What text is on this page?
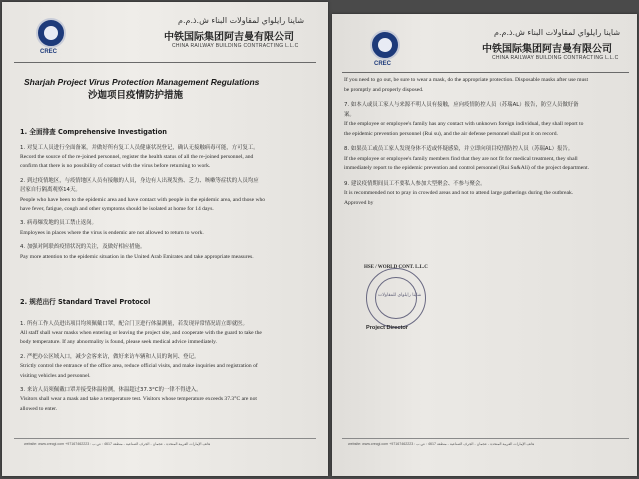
CREC
شاينا رايلواي لمقاولات البناء ش.ذ.م.م
中铁国际集团阿吉曼有限公司
CHINA RAILWAY BUILDING CONTRACTING L.L.C
Sharjah Project Virus Protection Management Regulations
沙迦项目疫情防护措施
1. 全面排查 Comprehensive Investigation
1. 对复工人员进行全面备案，并做好所有复工人员健康状况登记，确认无接触病毒可能，方可复工。
Record the source of the re-joined personnel, register the health status of all the re-joined personnel, and
confirm that there is no possibility of contact with the virus before returning to work.
2. 到过疫情地区，与疫情地区人员有接触的人员，身边有人出现发热、乏力、咳嗽等症状的人员均应
居家自行隔离观察14天。
People who have been to the epidemic area and have contact with people in the epidemic area, and those who
have fever, fatigue, cough and other symptoms should be isolated at home for 14 days.
3. 病毒爆发地的员工禁止返岗。
Employees in places where the virus is endemic are not allowed to return to work.
4. 加强对阿联酋疫情状况的关注，及做好相应措施。
Pay more attention to the epidemic situation in the United Arab Emirates and take appropriate measures.
2. 规范出行 Standard Travel Protocol
1. 所有工作人员进出项目均须佩戴口罩，配合门卫进行体温测量，若发现异常情况请立即就医。
All staff shall wear masks when entering or leaving the project site, and cooperate with the guard to take the
body temperature. If any abnormality is found, please seek medical advice immediately.
2. 严把办公区域入口，减少会客来访，做好来访车辆和人员的询问、登记。
Strictly control the entrance of the office area, reduce official visits, and make inquiries and registration of
visiting vehicles and personnel.
3. 来访人员须佩戴口罩并接受体温检测，体温超过37.3°C的一律不得进入。
Visitors shall wear a mask and take a temperature test. Visitors whose temperature exceeds 37.3°C are not
allowed to enter.
website: www.crecgi.com +97167462223 : هاتف الإمارات العربية المتحدة - عجمان - الجرف الصناعية - منطقة 4617 : ص.ب
CREC
شاينا رايلواي لمقاولات البناء ش.ذ.م.م
中铁国际集团阿吉曼有限公司
CHINA RAILWAY BUILDING CONTRACTING L.L.C
If you need to go out, be sure to wear a mask, do the appropriate protection. Disposable masks after use must
be promptly and properly disposed.
7. 如本人或员工家人与来源不明人员有接触，应向疫情防控人员（苏瑞AL）报告，防空人员做好备
案。
If the employee or employee's family has any contact with unknown foreign individual, they shall report to
the epidemic prevention personnel (Rui su), and the air defense personnel shall put it on record.
8. 如果员工或员工家人发现身体不适或怀疑感染，并立即向项目疫情防控人员（苏瑞AL）报告。
If the employee or employee's family members find that they are not fit for medical treatment, they shall
immediately report to the epidemic prevention and control personnel (Rui Su&Ali) of the project department.
9. 建议疫情期间员工不要私人参加大型聚会、不参与聚会。
It is recommended not to pray in crowded areas and not to attend large gatherings during the outbreak.
Approved by
HSE / WORLD CONT. L.L.C
شاينا رايلواي للمقاولات
Project Director
website: www.crecgi.com +97167462223 : هاتف الإمارات العربية المتحدة - عجمان - الجرف الصناعية - منطقة 4617 : ص.ب
